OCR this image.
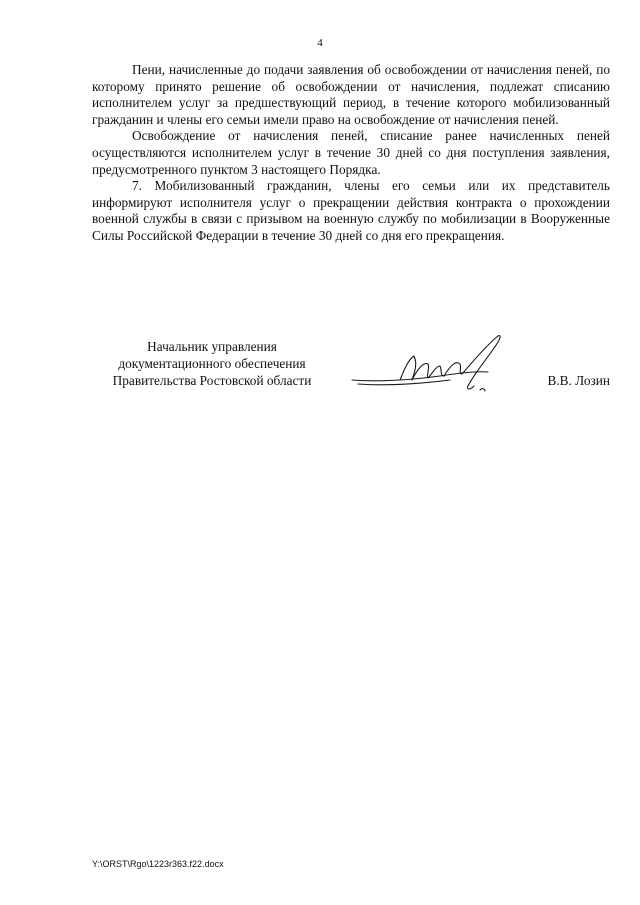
4

Пени, начисленные до подачи заявления об освобождении от начисления пеней, по которому принято решение об освобождении от начисления, подлежат списанию исполнителем услуг за предшествующий период, в течение которого мобилизованный гражданин и члены его семьи имели право на освобождение от начисления пеней.

Освобождение от начисления пеней, списание ранее начисленных пеней осуществляются исполнителем услуг в течение 30 дней со дня поступления заявления, предусмотренного пунктом 3 настоящего Порядка.

7. Мобилизованный гражданин, члены его семьи или их представитель информируют исполнителя услуг о прекращении действия контракта о прохождении военной службы в связи с призывом на военную службу по мобилизации в Вооруженные Силы Российской Федерации в течение 30 дней со дня его прекращения.

Начальник управления
документационного обеспечения
Правительства Ростовской области	В.В. Лозин
Y:\ORST\Rgo\1223r363.f22.docx
